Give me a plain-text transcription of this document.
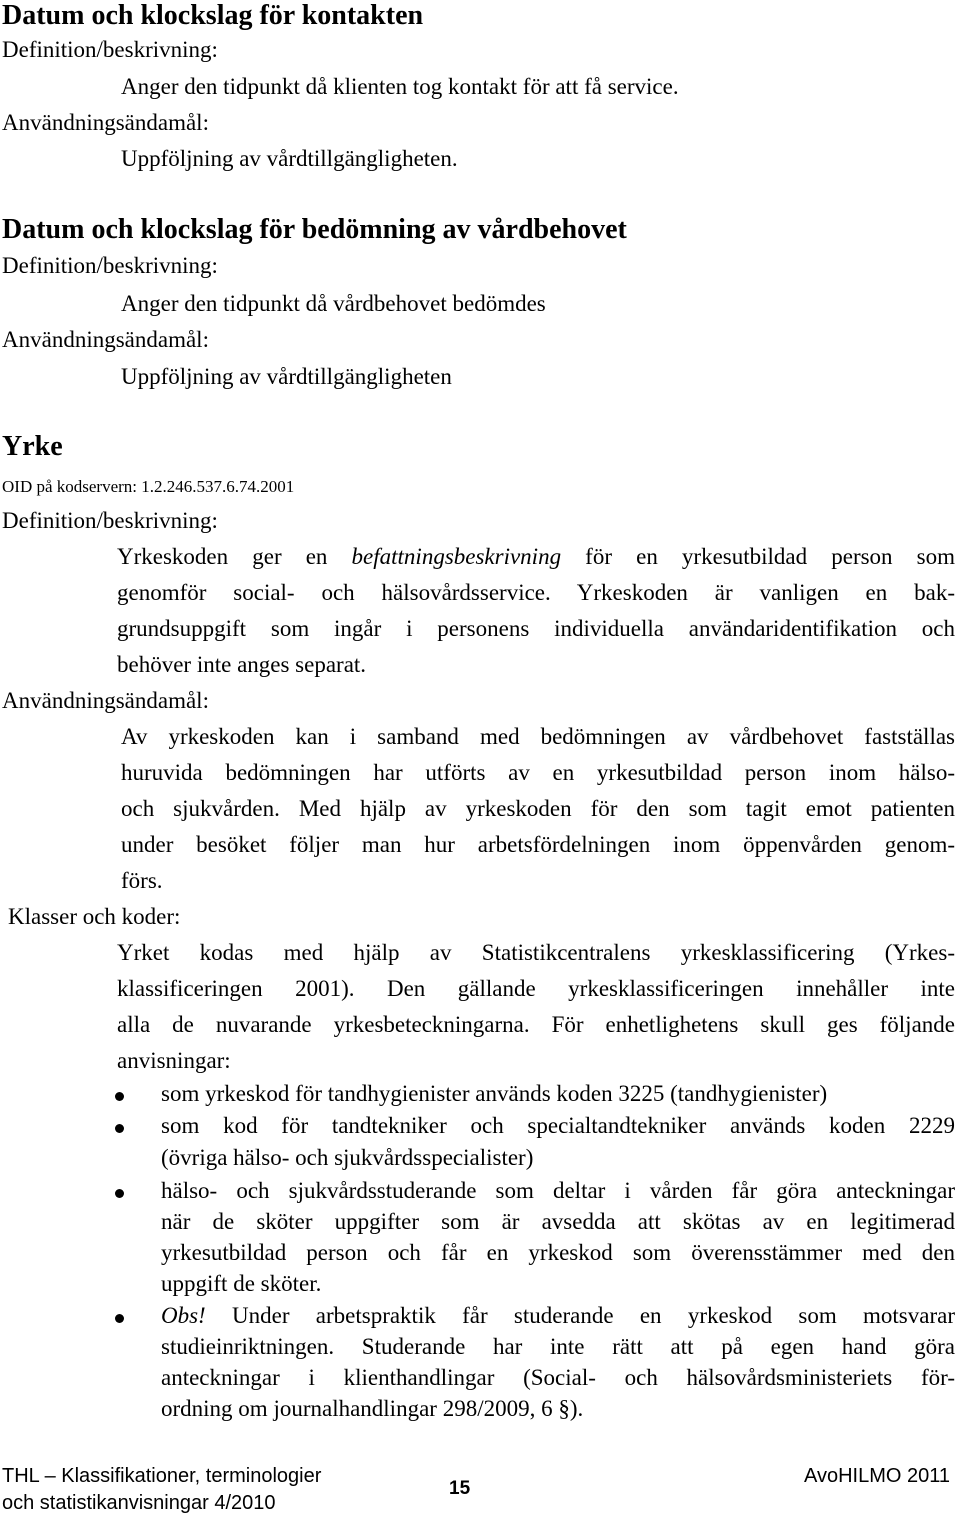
Datum och klockslag för kontakten
Definition/beskrivning:
Anger den tidpunkt då klienten tog kontakt för att få service.
Användningsändamål:
Uppföljning av vårdtillgängligheten.
Datum och klockslag för bedömning av vårdbehovet
Definition/beskrivning:
Anger den tidpunkt då vårdbehovet bedömdes
Användningsändamål:
Uppföljning av vårdtillgängligheten
Yrke
OID på kodservern: 1.2.246.537.6.74.2001
Definition/beskrivning:
Yrkeskoden ger en befattningsbeskrivning för en yrkesutbildad person som
genomför social- och hälsovårdsservice. Yrkeskoden är vanligen en bak-
grundsuppgift som ingår i personens individuella användaridentifikation och
behöver inte anges separat.
Användningsändamål:
Av yrkeskoden kan i samband med bedömningen av vårdbehovet fastställas
huruvida bedömningen har utförts av en yrkesutbildad person inom hälso-
och sjukvården. Med hjälp av yrkeskoden för den som tagit emot patienten
under besöket följer man hur arbetsfördelningen inom öppenvården genom-
förs.
Klasser och koder:
Yrket kodas med hjälp av Statistikcentralens yrkesklassificering (Yrkes-
klassificeringen 2001). Den gällande yrkesklassificeringen innehåller inte
alla de nuvarande yrkesbeteckningarna. För enhetlighetens skull ges följande
anvisningar:
som yrkeskod för tandhygienister används koden 3225 (tandhygienister)
som kod för tandtekniker och specialtandtekniker används koden 2229
(övriga hälso- och sjukvårdsspecialister)
hälso- och sjukvårdsstuderande som deltar i vården får göra anteckningar
när de sköter uppgifter som är avsedda att skötas av en legitimerad
yrkesutbildad person och får en yrkeskod som överensstämmer med den
uppgift de sköter.
Obs! Under arbetspraktik får studerande en yrkeskod som motsvarar
studieinriktningen. Studerande har inte rätt att på egen hand göra
anteckningar i klienthandlingar (Social- och hälsovårdsministeriets för-
ordning om journalhandlingar 298/2009, 6 §).
THL – Klassifikationer, terminologier
och statistikanvisningar 4/2010
15
AvoHILMO 2011
